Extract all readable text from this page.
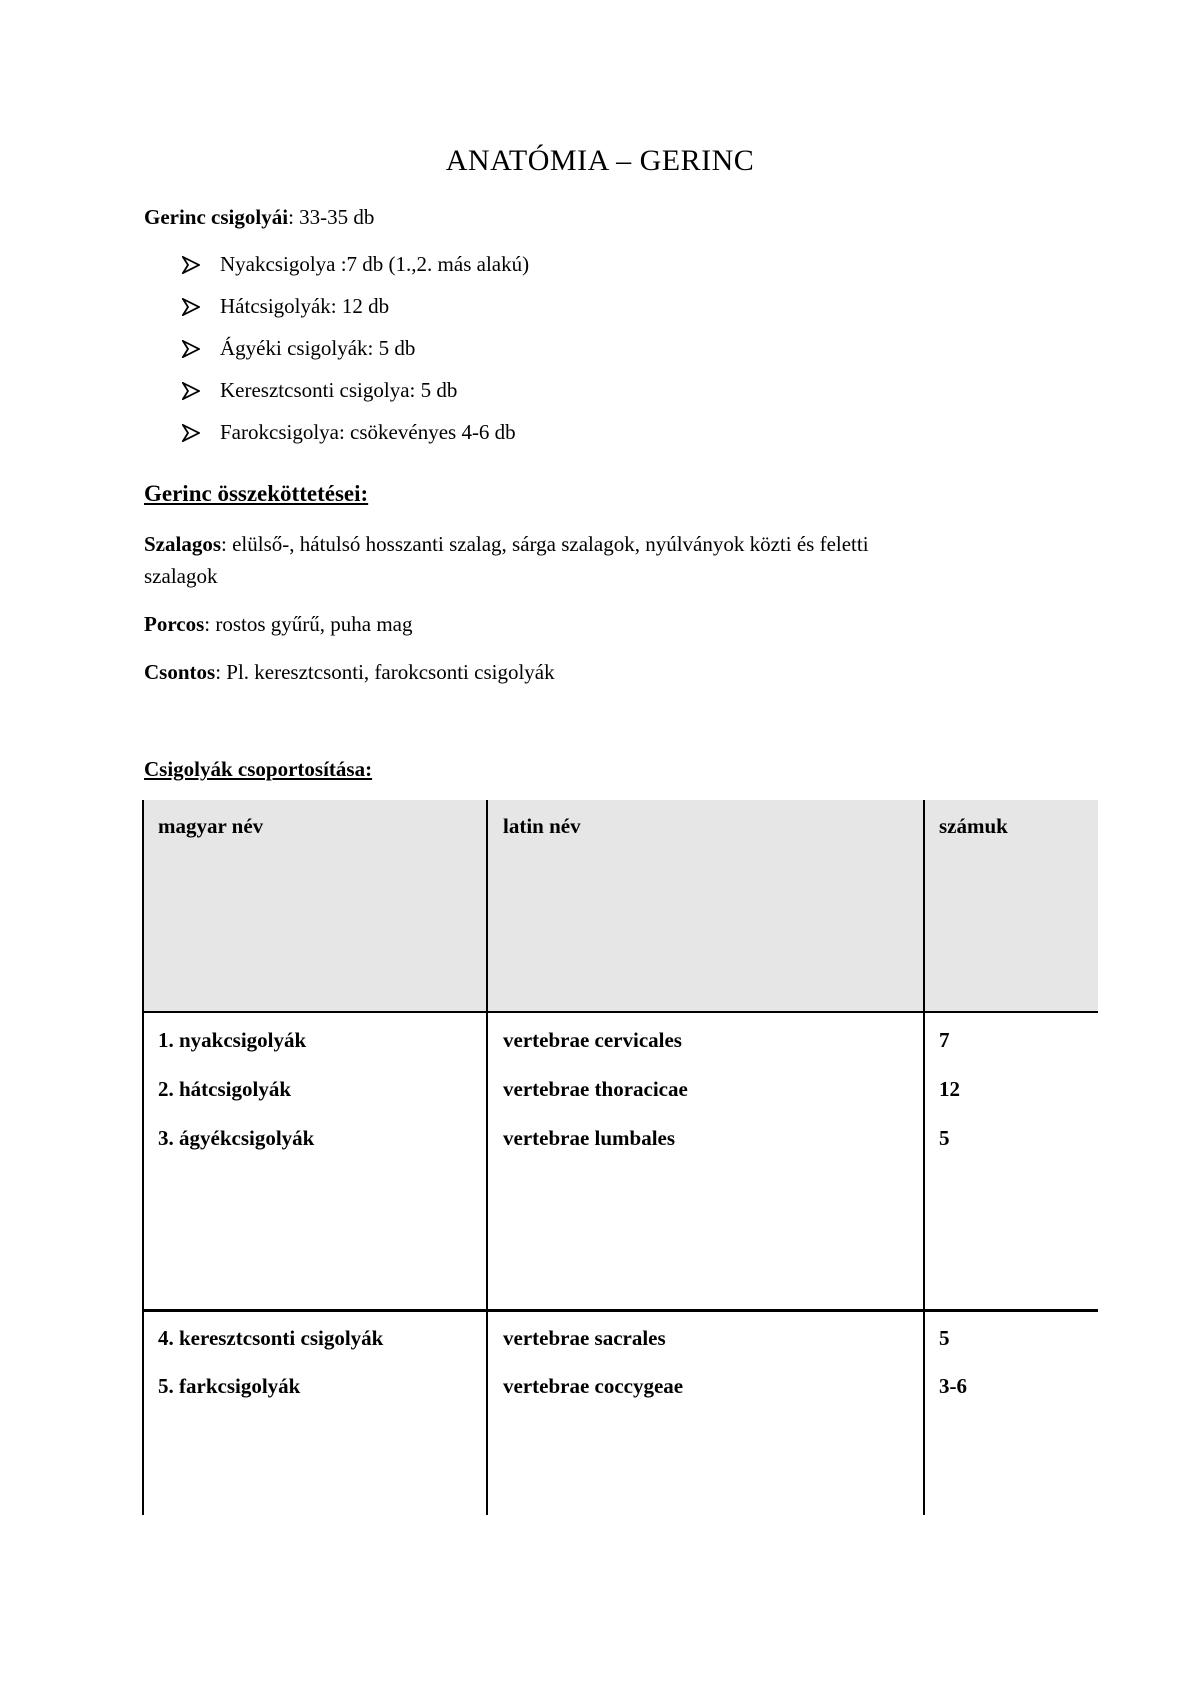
ANATÓMIA – GERINC
Gerinc csigolyái: 33-35 db
Nyakcsigolya :7 db (1.,2. más alakú)
Hátcsigolyák: 12 db
Ágyéki csigolyák: 5 db
Keresztcsonti csigolya: 5 db
Farokcsigolya: csökevényes 4-6 db
Gerinc összeköttetései:
Szalagos: elülső-, hátulsó hosszanti szalag, sárga szalagok, nyúlványok közti és feletti
szalagok
Porcos: rostos gyűrű, puha mag
Csontos: Pl. keresztcsonti, farokcsonti csigolyák
Csigolyák csoportosítása:
magyar név	latin név	számuk
1. nyakcsigolyák	vertebrae cervicales	7
2. hátcsigolyák	vertebrae thoracicae	12
3. ágyékcsigolyák	vertebrae lumbales	5
4. keresztcsonti csigolyák	vertebrae sacrales	5
5. farkcsigolyák	vertebrae coccygeae	3-6
